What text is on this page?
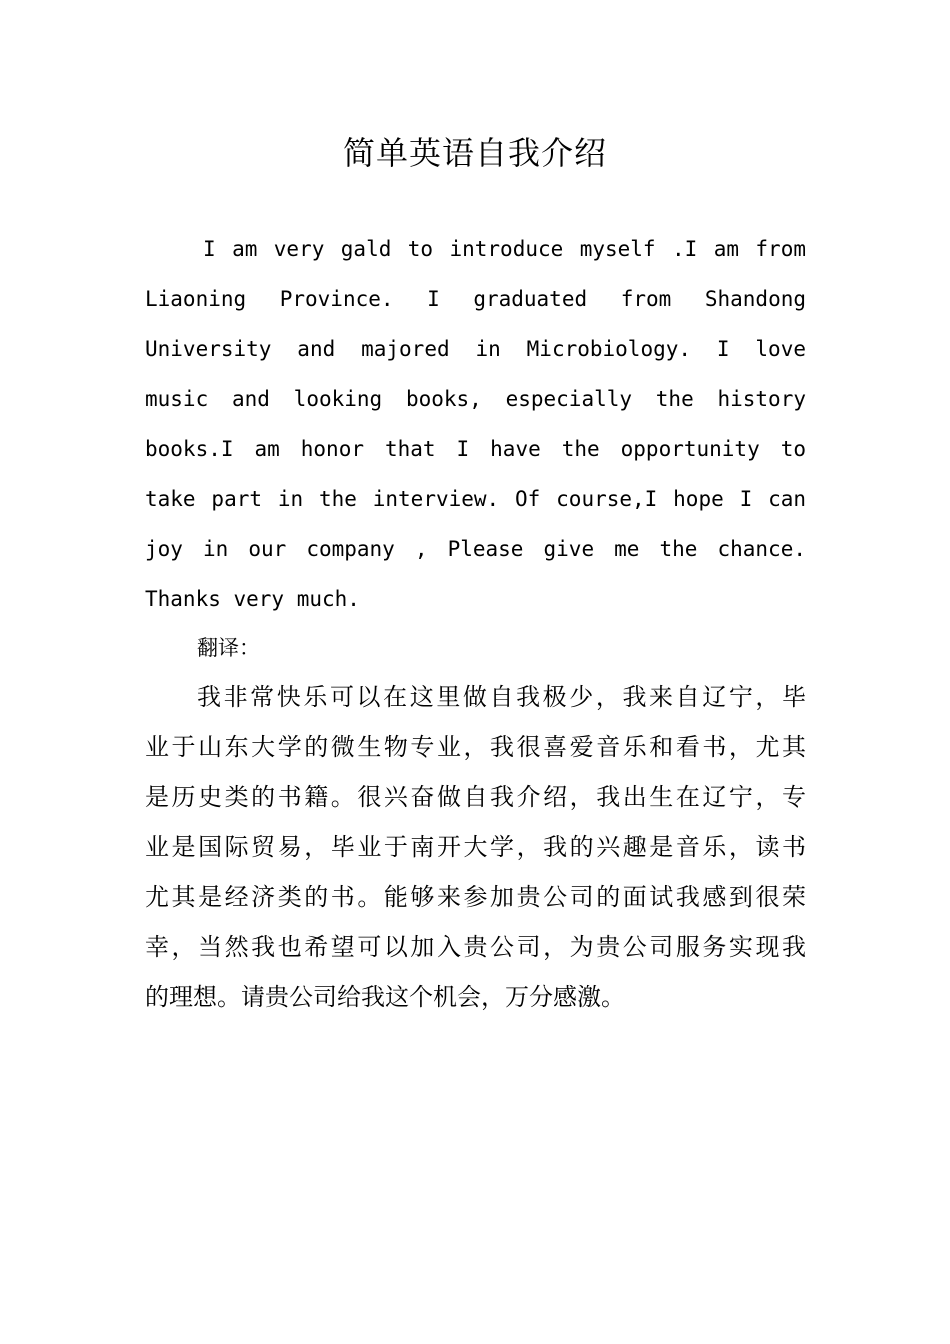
简单英语自我介绍
I am very gald to introduce myself .I am from
Liaoning Province. I graduated from Shandong
University and majored in Microbiology. I love
music and looking books, especially the history
books.I am honor that I have the opportunity to
take part in the interview. Of course,I hope I can
joy in our company , Please give me the chance.
Thanks very much.
翻译：
我非常快乐可以在这里做自我极少，我来自辽宁，毕
业于山东大学的微生物专业，我很喜爱音乐和看书，尤其
是历史类的书籍。很兴奋做自我介绍，我出生在辽宁，专
业是国际贸易，毕业于南开大学，我的兴趣是音乐，读书
尤其是经济类的书。能够来参加贵公司的面试我感到很荣
幸，当然我也希望可以加入贵公司，为贵公司服务实现我
的理想。请贵公司给我这个机会，万分感激。
